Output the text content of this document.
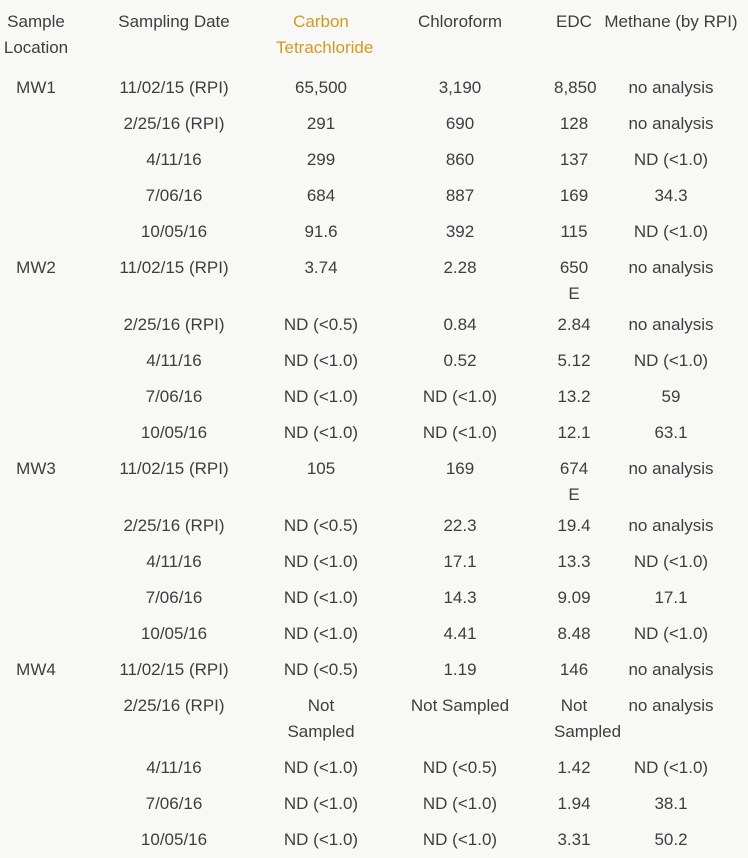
Sample Location	Sampling Date	Carbon Tetrachloride	Chloroform	EDC	Methane (by RPI)
MW1	11/02/15 (RPI)	65,500	3,190	8,850	no analysis
	2/25/16 (RPI)	291	690	128	no analysis
	4/11/16	299	860	137	ND (<1.0)
	7/06/16	684	887	169	34.3
	10/05/16	91.6	392	115	ND (<1.0)
MW2	11/02/15 (RPI)	3.74	2.28	650 E	no analysis
	2/25/16 (RPI)	ND (<0.5)	0.84	2.84	no analysis
	4/11/16	ND (<1.0)	0.52	5.12	ND (<1.0)
	7/06/16	ND (<1.0)	ND (<1.0)	13.2	59
	10/05/16	ND (<1.0)	ND (<1.0)	12.1	63.1
MW3	11/02/15 (RPI)	105	169	674 E	no analysis
	2/25/16 (RPI)	ND (<0.5)	22.3	19.4	no analysis
	4/11/16	ND (<1.0)	17.1	13.3	ND (<1.0)
	7/06/16	ND (<1.0)	14.3	9.09	17.1
	10/05/16	ND (<1.0)	4.41	8.48	ND (<1.0)
MW4	11/02/15 (RPI)	ND (<0.5)	1.19	146	no analysis
	2/25/16 (RPI)	Not Sampled	Not Sampled	Not Sampled	no analysis
	4/11/16	ND (<1.0)	ND (<0.5)	1.42	ND (<1.0)
	7/06/16	ND (<1.0)	ND (<1.0)	1.94	38.1
	10/05/16	ND (<1.0)	ND (<1.0)	3.31	50.2
